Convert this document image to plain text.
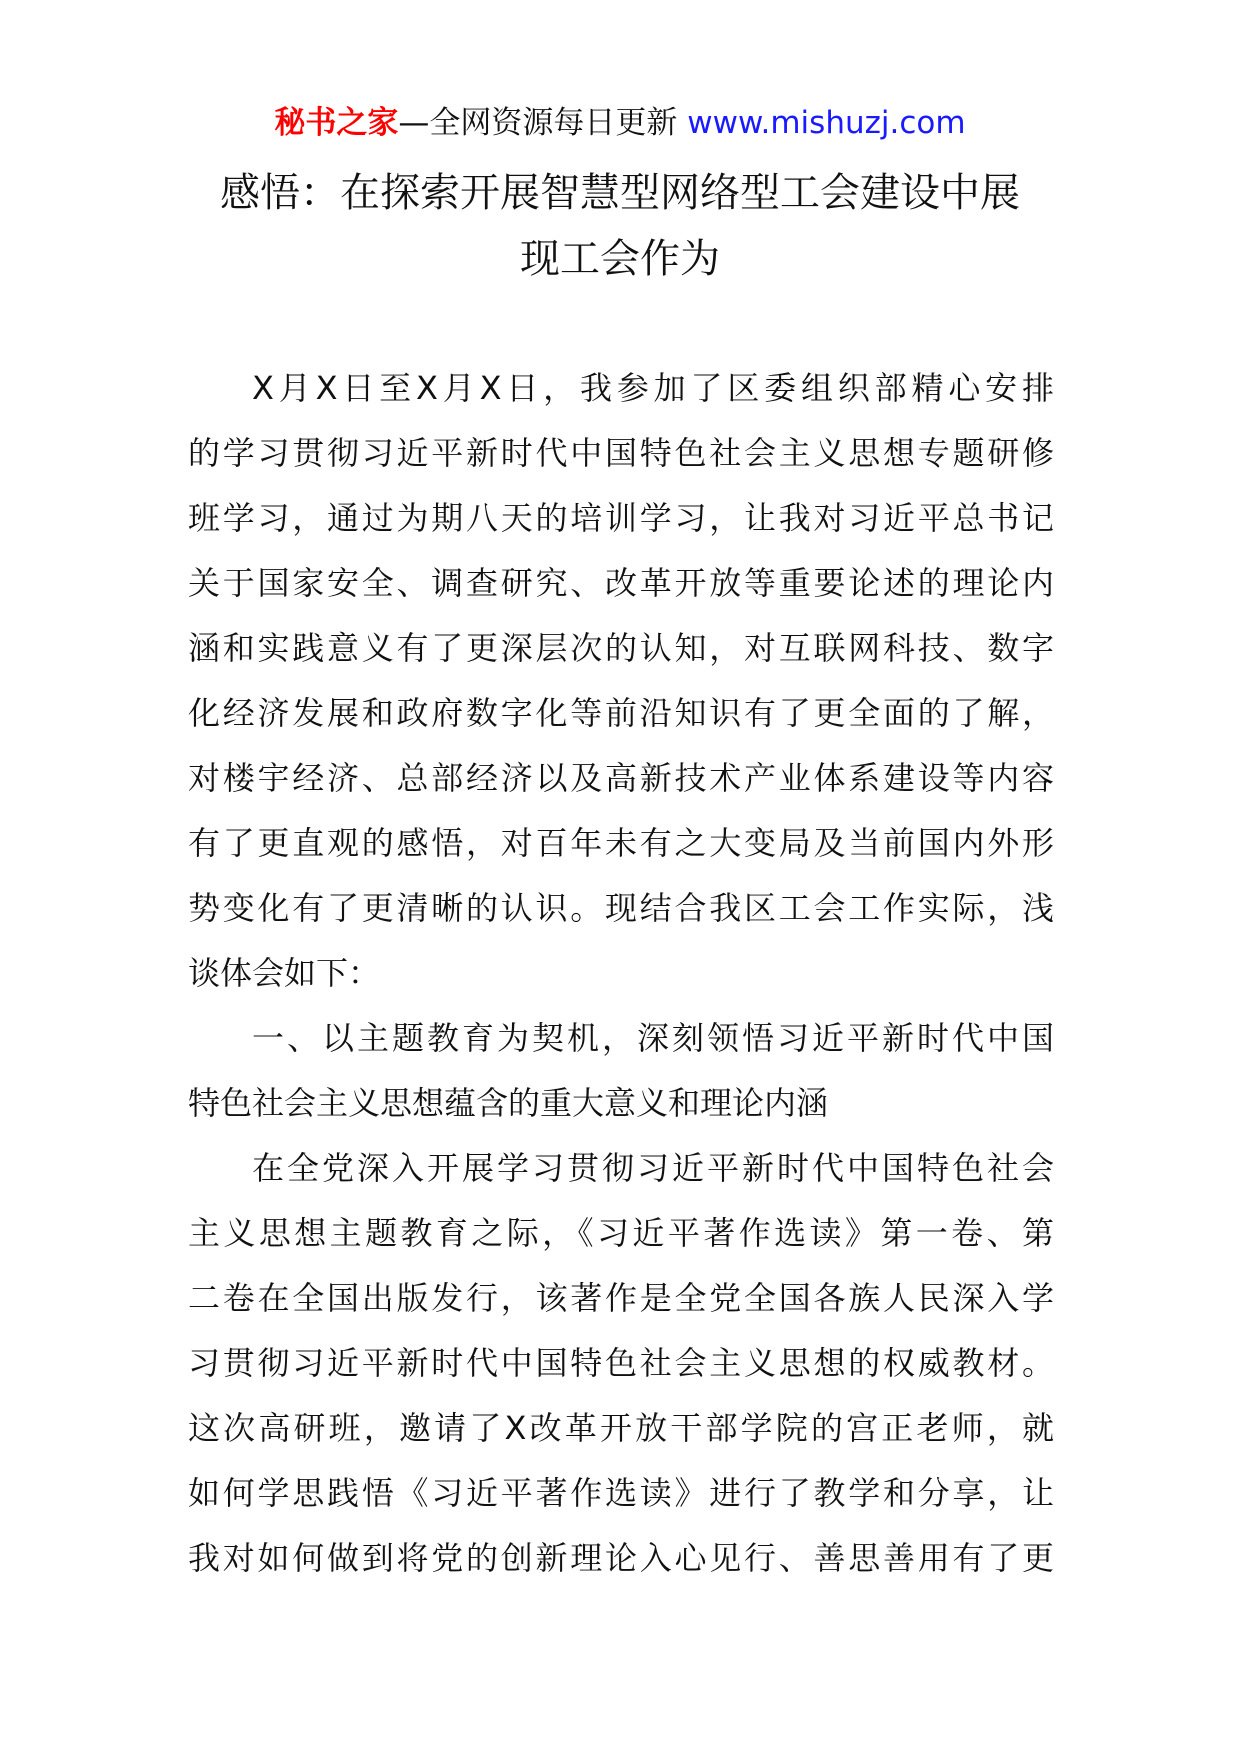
秘书之家—全网资源每日更新 www.mishuzj.com
感悟：在探索开展智慧型网络型工会建设中展
现工会作为
X月X日至X月X日，我参加了区委组织部精心安排
的学习贯彻习近平新时代中国特色社会主义思想专题研修
班学习，通过为期八天的培训学习，让我对习近平总书记
关于国家安全、调查研究、改革开放等重要论述的理论内
涵和实践意义有了更深层次的认知，对互联网科技、数字
化经济发展和政府数字化等前沿知识有了更全面的了解，
对楼宇经济、总部经济以及高新技术产业体系建设等内容
有了更直观的感悟，对百年未有之大变局及当前国内外形
势变化有了更清晰的认识。现结合我区工会工作实际，浅
谈体会如下：
一、以主题教育为契机，深刻领悟习近平新时代中国
特色社会主义思想蕴含的重大意义和理论内涵
在全党深入开展学习贯彻习近平新时代中国特色社会
主义思想主题教育之际，《习近平著作选读》第一卷、第
二卷在全国出版发行，该著作是全党全国各族人民深入学
习贯彻习近平新时代中国特色社会主义思想的权威教材。
这次高研班，邀请了X改革开放干部学院的宫正老师，就
如何学思践悟《习近平著作选读》进行了教学和分享，让
我对如何做到将党的创新理论入心见行、善思善用有了更
